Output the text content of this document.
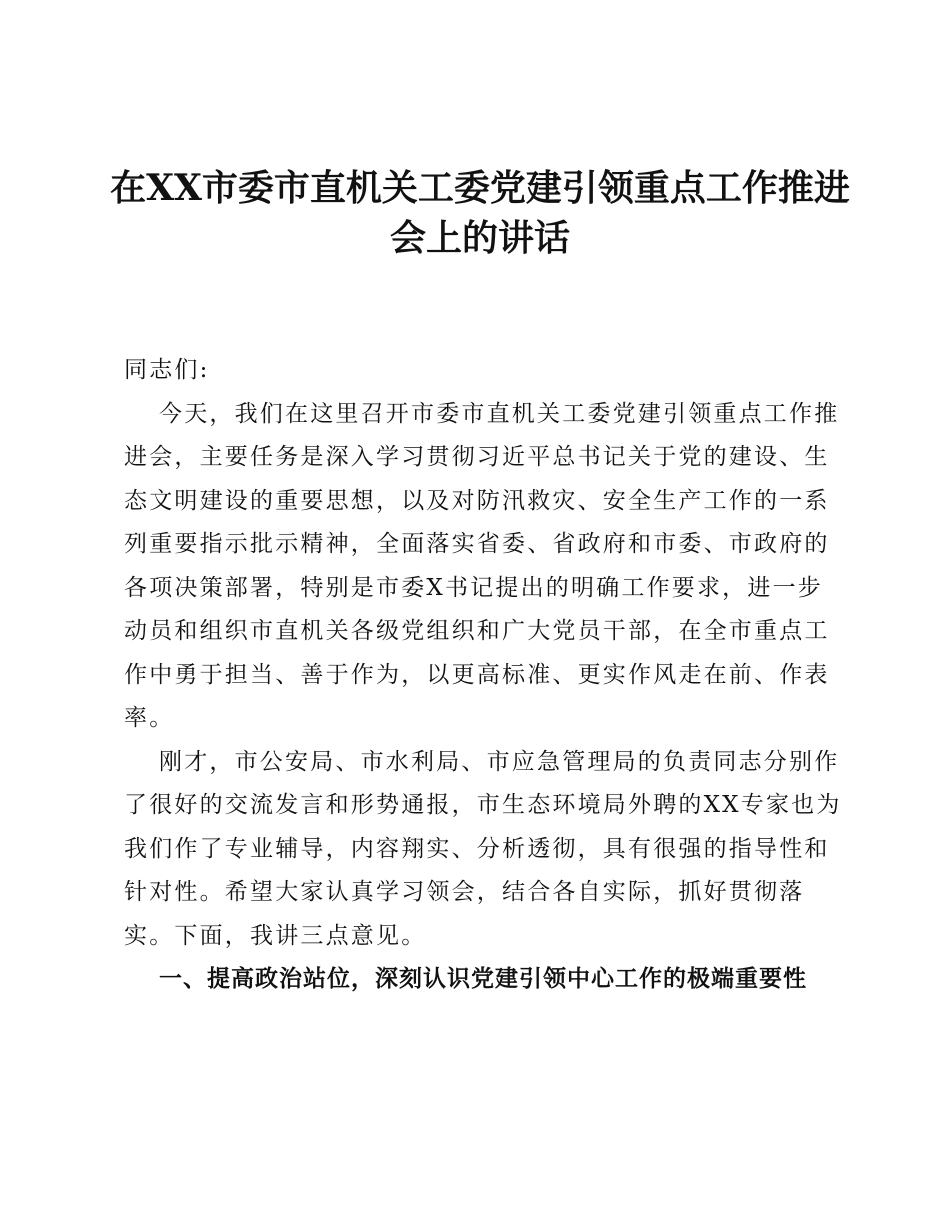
在XX市委市直机关工委党建引领重点工作推进
会上的讲话
同志们:
今天，我们在这里召开市委市直机关工委党建引领重点工作推
进会，主要任务是深入学习贯彻习近平总书记关于党的建设、生
态文明建设的重要思想，以及对防汛救灾、安全生产工作的一系
列重要指示批示精神，全面落实省委、省政府和市委、市政府的
各项决策部署，特别是市委X书记提出的明确工作要求，进一步
动员和组织市直机关各级党组织和广大党员干部，在全市重点工
作中勇于担当、善于作为，以更高标准、更实作风走在前、作表
率。
刚才，市公安局、市水利局、市应急管理局的负责同志分别作
了很好的交流发言和形势通报，市生态环境局外聘的XX专家也为
我们作了专业辅导，内容翔实、分析透彻，具有很强的指导性和
针对性。希望大家认真学习领会，结合各自实际，抓好贯彻落
实。下面，我讲三点意见。
一、提高政治站位，深刻认识党建引领中心工作的极端重要性
